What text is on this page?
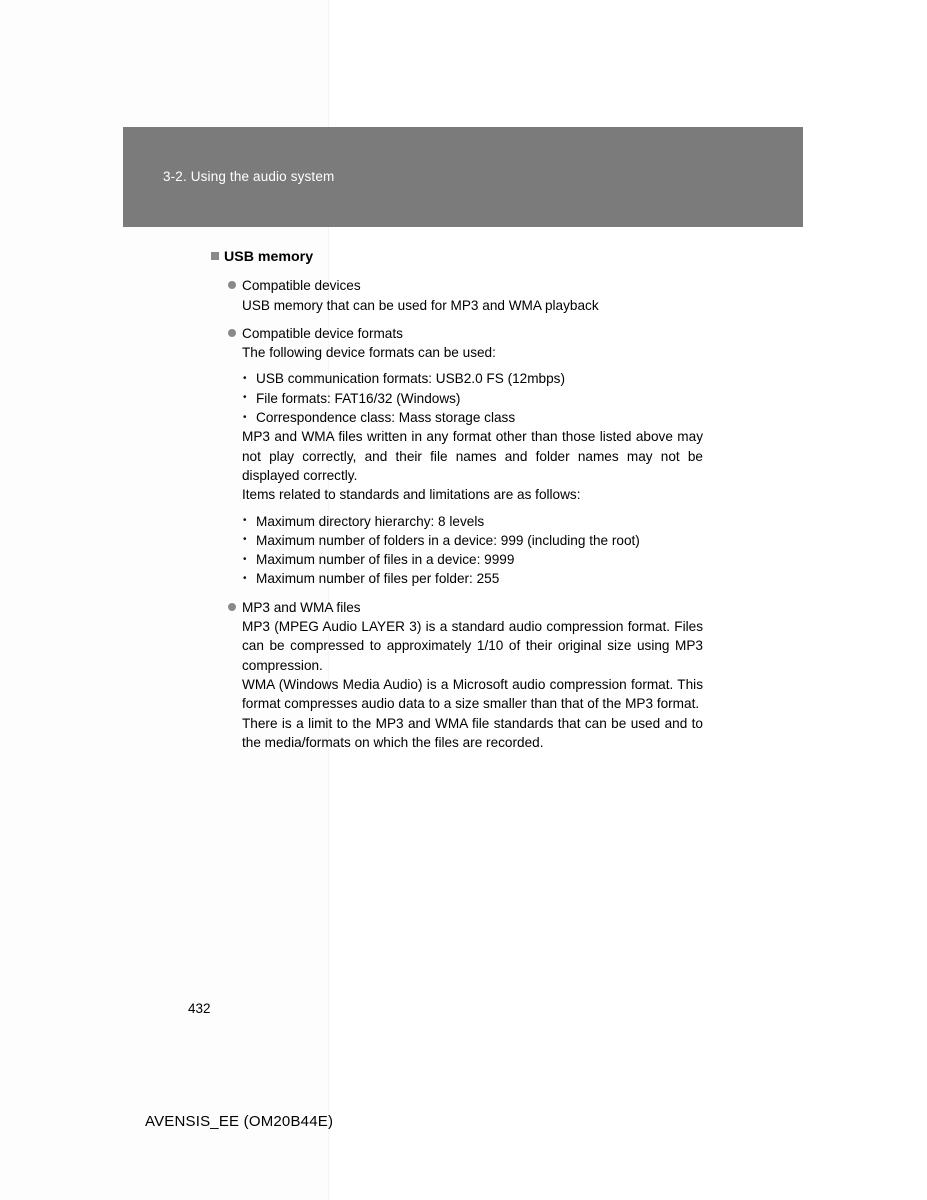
3-2. Using the audio system
USB memory
Compatible devices

USB memory that can be used for MP3 and WMA playback

Compatible device formats

The following device formats can be used:

• USB communication formats: USB2.0 FS (12mbps)
• File formats: FAT16/32 (Windows)
• Correspondence class: Mass storage class

MP3 and WMA files written in any format other than those listed above may not play correctly, and their file names and folder names may not be displayed correctly.

Items related to standards and limitations are as follows:

• Maximum directory hierarchy: 8 levels
• Maximum number of folders in a device: 999 (including the root)
• Maximum number of files in a device: 9999
• Maximum number of files per folder: 255
MP3 and WMA files

MP3 (MPEG Audio LAYER 3) is a standard audio compression format. Files can be compressed to approximately 1/10 of their original size using MP3 compression.

WMA (Windows Media Audio) is a Microsoft audio compression format. This format compresses audio data to a size smaller than that of the MP3 format.

There is a limit to the MP3 and WMA file standards that can be used and to the media/formats on which the files are recorded.

432
AVENSIS_EE (OM20B44E)
